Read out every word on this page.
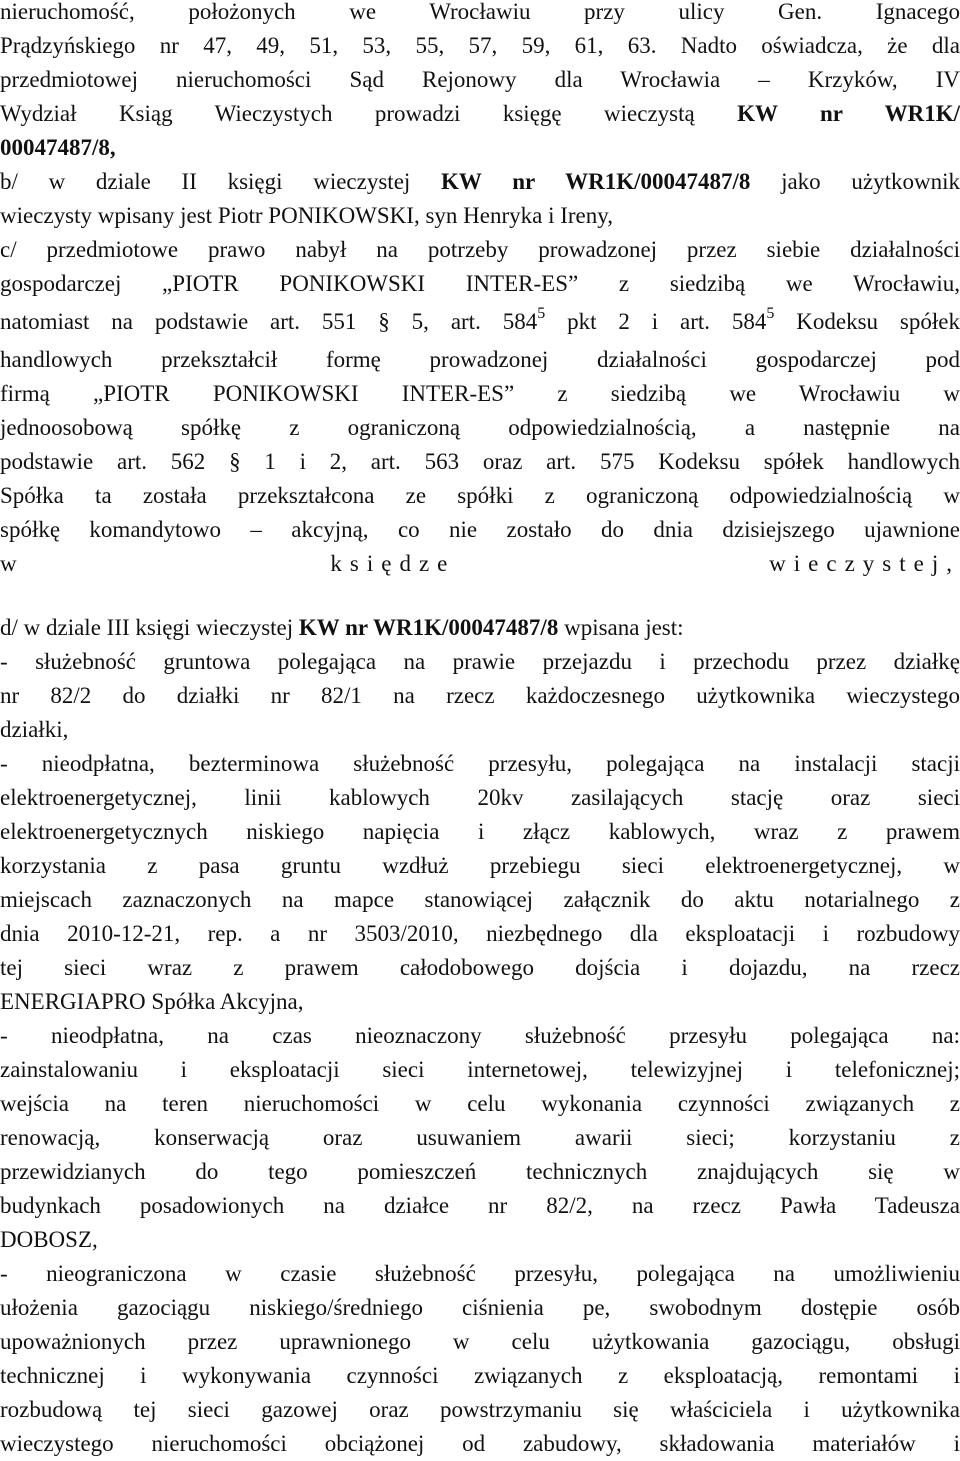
nieruchomość, położonych we Wrocławiu przy ulicy Gen. Ignacego
Prądzyńskiego nr 47, 49, 51, 53, 55, 57, 59, 61, 63. Nadto oświadcza, że dla
przedmiotowej nieruchomości Sąd Rejonowy dla Wrocławia – Krzyków, IV
Wydział Ksiąg Wieczystych prowadzi księgę wieczystą KW nr WR1K/
00047487/8,
b/ w dziale II księgi wieczystej KW nr WR1K/00047487/8 jako użytkownik
wieczysty wpisany jest Piotr PONIKOWSKI, syn Henryka i Ireny,
c/ przedmiotowe prawo nabył na potrzeby prowadzonej przez siebie działalności
gospodarczej „PIOTR PONIKOWSKI INTER-ES” z siedzibą we Wrocławiu,
natomiast na podstawie art. 551 § 5, art. $584^5$ pkt 2 i art. $584^5$ Kodeksu spółek
handlowych przekształcił formę prowadzonej działalności gospodarczej pod
firmą „PIOTR PONIKOWSKI INTER-ES” z siedzibą we Wrocławiu w
jednoosobową spółkę z ograniczoną odpowiedzialnością, a następnie na
podstawie art. 562 § 1 i 2, art. 563 oraz art. 575 Kodeksu spółek handlowych
Spółka ta została przekształcona ze spółki z ograniczoną odpowiedzialnością w
spółkę komandytowo – akcyjną, co nie zostało do dnia dzisiejszego ujawnione
w	księdze	wieczystej,
d/ w dziale III księgi wieczystej KW nr WR1K/00047487/8 wpisana jest:
- służebność gruntowa polegająca na prawie przejazdu i przechodu przez działkę
nr 82/2 do działki nr 82/1 na rzecz każdoczesnego użytkownika wieczystego
działki,
- nieodpłatna, bezterminowa służebność przesyłu, polegająca na instalacji stacji
elektroenergetycznej, linii kablowych 20kv zasilających stację oraz sieci
elektroenergetycznych niskiego napięcia i złącz kablowych, wraz z prawem
korzystania z pasa gruntu wzdłuż przebiegu sieci elektroenergetycznej, w
miejscach zaznaczonych na mapce stanowiącej załącznik do aktu notarialnego z
dnia 2010-12-21, rep. a nr 3503/2010, niezbędnego dla eksploatacji i rozbudowy
tej sieci wraz z prawem całodobowego dojścia i dojazdu, na rzecz
ENERGIAPRO Spółka Akcyjna,
- nieodpłatna, na czas nieoznaczony służebność przesyłu polegająca na:
zainstalowaniu i eksploatacji sieci internetowej, telewizyjnej i telefonicznej;
wejścia na teren nieruchomości w celu wykonania czynności związanych z
renowacją, konserwacją oraz usuwaniem awarii sieci; korzystaniu z
przewidzianych do tego pomieszczeń technicznych znajdujących się w
budynkach posadowionych na działce nr 82/2, na rzecz Pawła Tadeusza
DOBOSZ,
- nieograniczona w czasie służebność przesyłu, polegająca na umożliwieniu
ułożenia gazociągu niskiego/średniego ciśnienia pe, swobodnym dostępie osób
upoważnionych przez uprawnionego w celu użytkowania gazociągu, obsługi
technicznej i wykonywania czynności związanych z eksploatacją, remontami i
rozbudową tej sieci gazowej oraz powstrzymaniu się właściciela i użytkownika
wieczystego nieruchomości obciążonej od zabudowy, składowania materiałów i
